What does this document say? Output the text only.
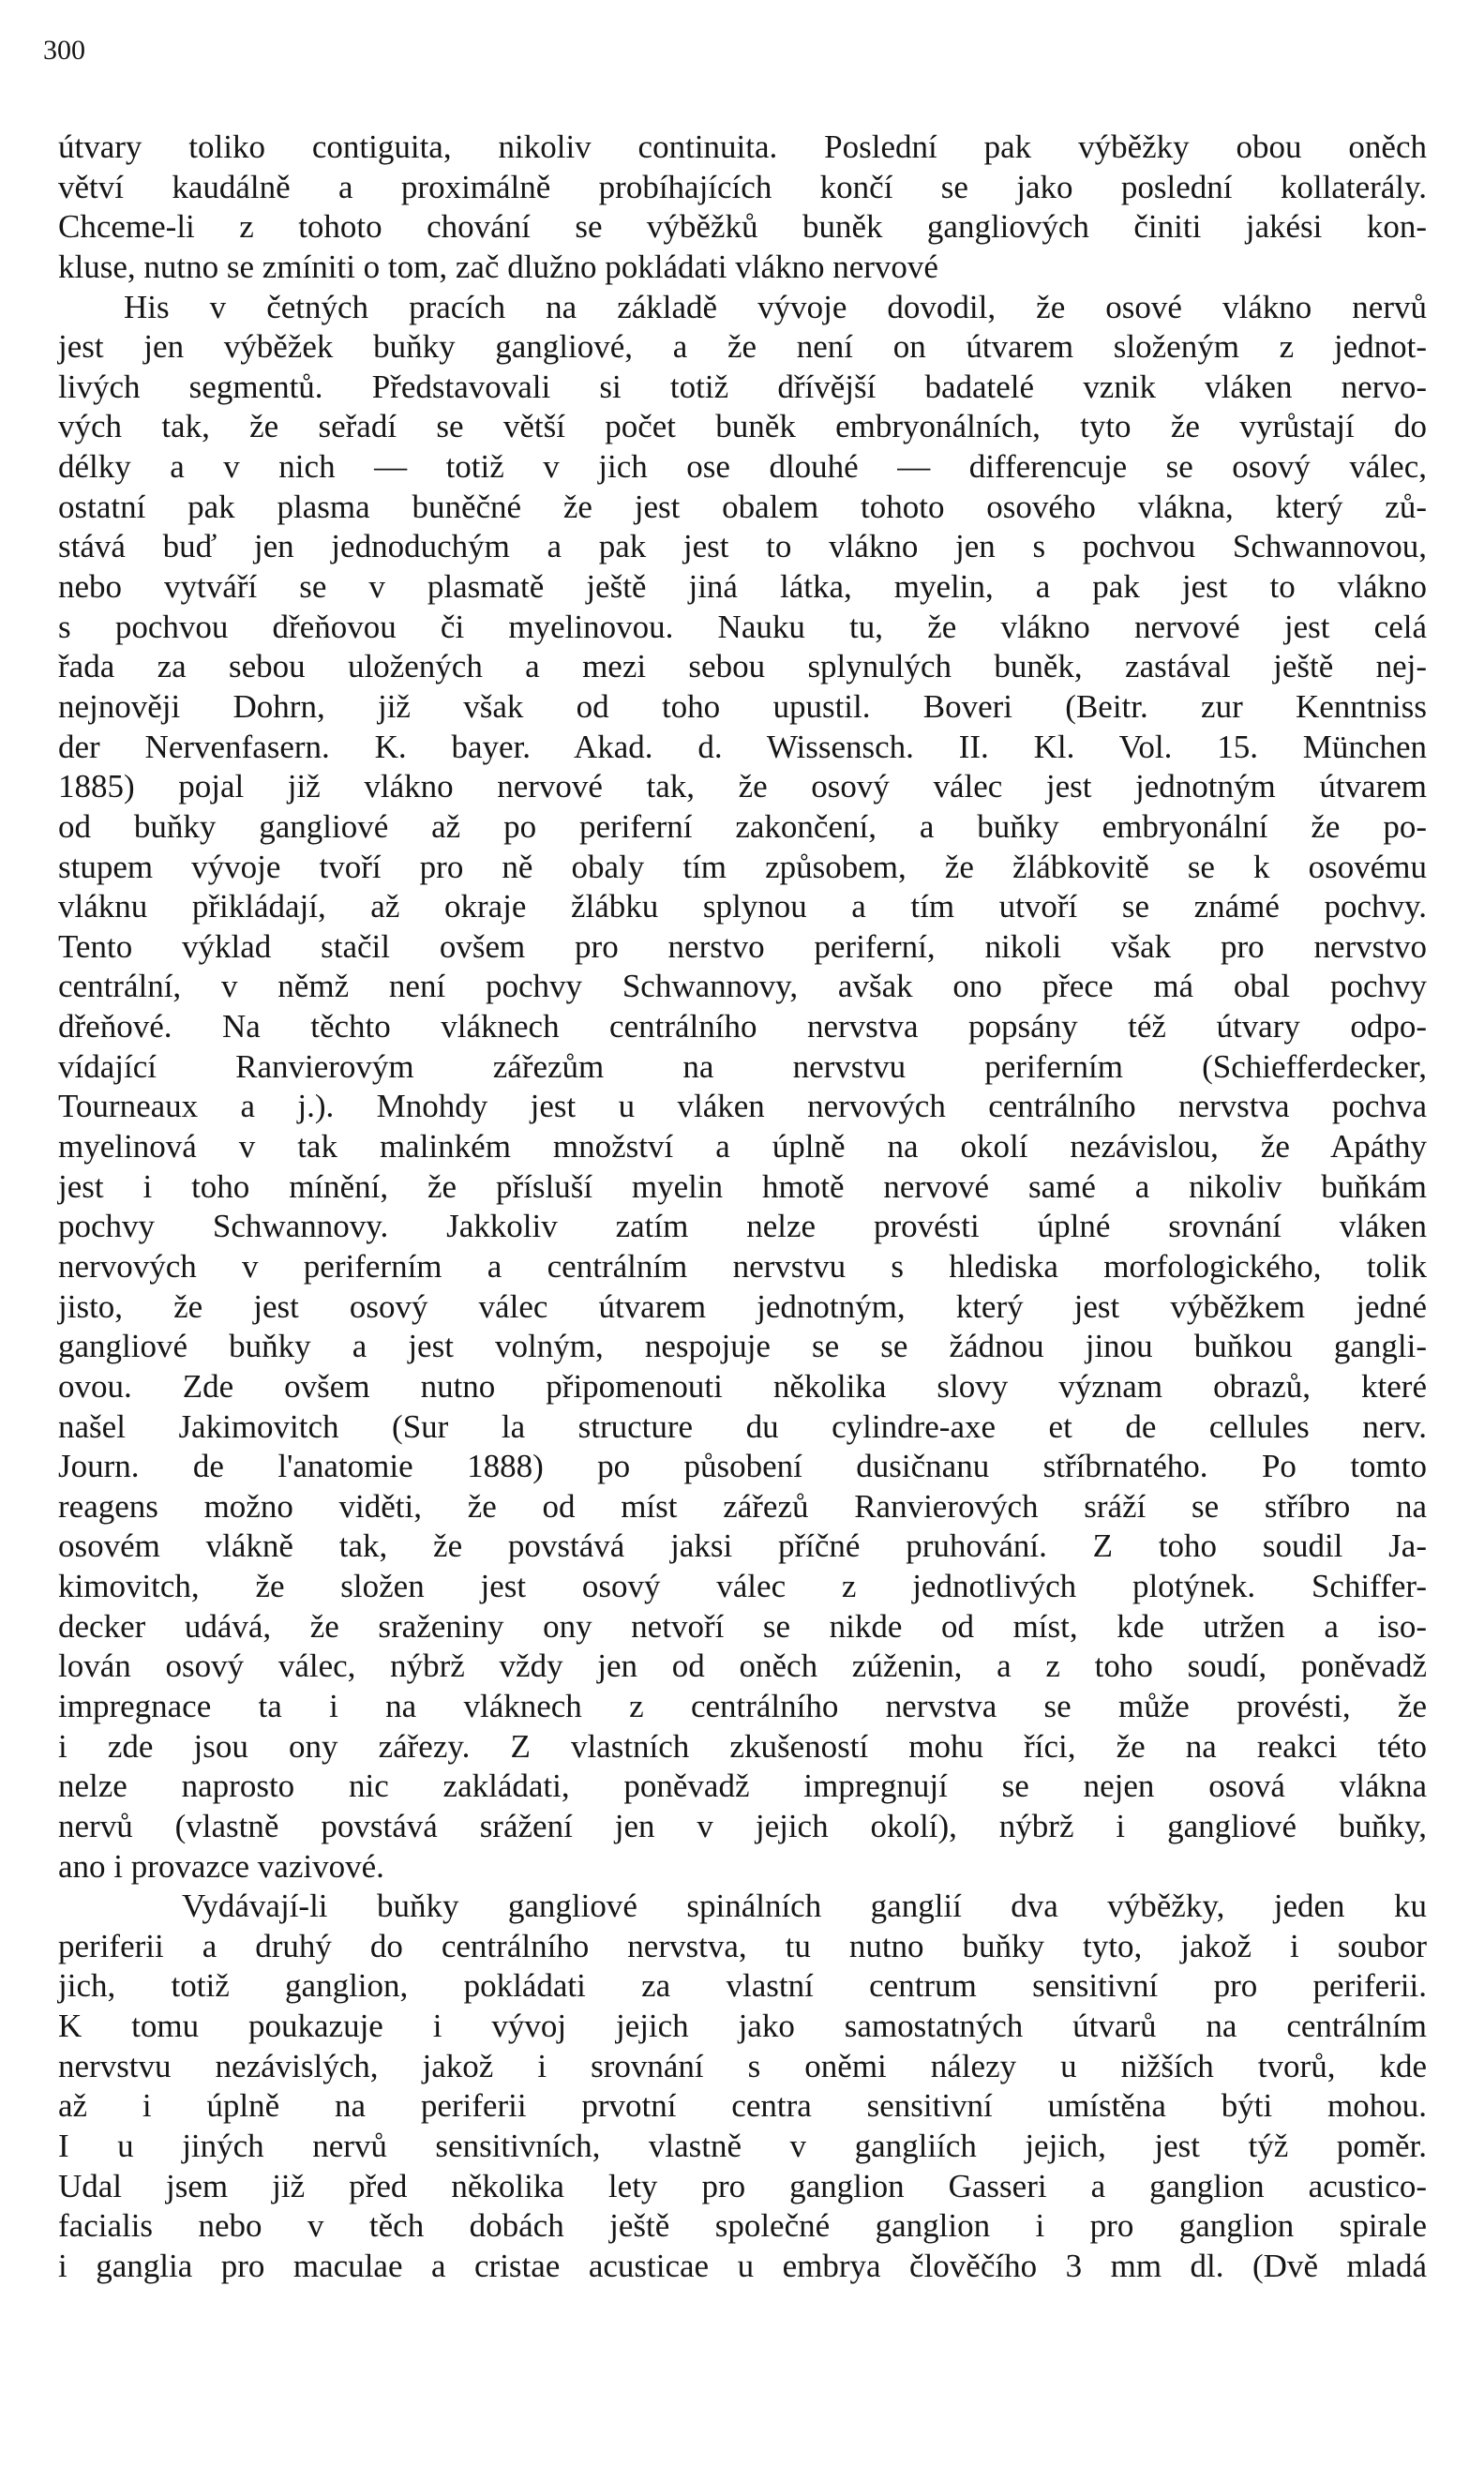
300
útvary toliko contiguita, nikoliv continuita. Poslední pak výběžky obou oněch
větví kaudálně a proximálně probíhajících končí se jako poslední kollaterály.
Chceme-li z tohoto chování se výběžků buněk gangliových činiti jakési kon-
kluse, nutno se zmíniti o tom, zač dlužno pokládati vlákno nervové
His v četných pracích na základě vývoje dovodil, že osové vlákno nervů
jest jen výběžek buňky gangliové, a že není on útvarem složeným z jednot-
livých segmentů. Představovali si totiž dřívější badatelé vznik vláken nervo-
vých tak, že seřadí se větší počet buněk embryonálních, tyto že vyrůstají do
délky a v nich — totiž v jich ose dlouhé — differencuje se osový válec,
ostatní pak plasma buněčné že jest obalem tohoto osového vlákna, který zů-
stává buď jen jednoduchým a pak jest to vlákno jen s pochvou Schwannovou,
nebo vytváří se v plasmatě ještě jiná látka, myelin, a pak jest to vlákno
s pochvou dřeňovou či myelinovou. Nauku tu, že vlákno nervové jest celá
řada za sebou uložených a mezi sebou splynulých buněk, zastával ještě nej-
nejnověji Dohrn, již však od toho upustil. Boveri (Beitr. zur Kenntniss
der Nervenfasern. K. bayer. Akad. d. Wissensch. II. Kl. Vol. 15. München
1885) pojal již vlákno nervové tak, že osový válec jest jednotným útvarem
od buňky gangliové až po periferní zakončení, a buňky embryonální že po-
stupem vývoje tvoří pro ně obaly tím způsobem, že žlábkovitě se k osovému
vláknu přikládají, až okraje žlábku splynou a tím utvoří se známé pochvy.
Tento výklad stačil ovšem pro nerstvo periferní, nikoli však pro nervstvo
centrální, v němž není pochvy Schwannovy, avšak ono přece má obal pochvy
dřeňové. Na těchto vláknech centrálního nervstva popsány též útvary odpo-
vídající Ranvierovým zářezům na nervstvu periferním (Schiefferdecker,
Tourneaux a j.). Mnohdy jest u vláken nervových centrálního nervstva pochva
myelinová v tak malinkém množství a úplně na okolí nezávislou, že Apáthy
jest i toho mínění, že přísluší myelin hmotě nervové samé a nikoliv buňkám
pochvy Schwannovy. Jakkoliv zatím nelze provésti úplné srovnání vláken
nervových v periferním a centrálním nervstvu s hlediska morfologického, tolik
jisto, že jest osový válec útvarem jednotným, který jest výběžkem jedné
gangliové buňky a jest volným, nespojuje se se žádnou jinou buňkou gangli-
ovou. Zde ovšem nutno připomenouti několika slovy význam obrazů, které
našel Jakimovitch (Sur la structure du cylindre-axe et de cellules nerv.
Journ. de l'anatomie 1888) po působení dusičnanu stříbrnatého. Po tomto
reagens možno viděti, že od míst zářezů Ranvierových sráží se stříbro na
osovém vlákně tak, že povstává jaksi příčné pruhování. Z toho soudil Ja-
kimovitch, že složen jest osový válec z jednotlivých plotýnek. Schiffer-
decker udává, že sraženiny ony netvoří se nikde od míst, kde utržen a iso-
lován osový válec, nýbrž vždy jen od oněch zúženin, a z toho soudí, poněvadž
impregnace ta i na vláknech z centrálního nervstva se může provésti, že
i zde jsou ony zářezy. Z vlastních zkušeností mohu říci, že na reakci této
nelze naprosto nic zakládati, poněvadž impregnují se nejen osová vlákna
nervů (vlastně povstává srážení jen v jejich okolí), nýbrž i gangliové buňky,
ano i provazce vazivové.
Vydávají-li buňky gangliové spinálních ganglií dva výběžky, jeden ku
periferii a druhý do centrálního nervstva, tu nutno buňky tyto, jakož i soubor
jich, totiž ganglion, pokládati za vlastní centrum sensitivní pro periferii.
K tomu poukazuje i vývoj jejich jako samostatných útvarů na centrálním
nervstvu nezávislých, jakož i srovnání s oněmi nálezy u nižších tvorů, kde
až i úplně na periferii prvotní centra sensitivní umístěna býti mohou.
I u jiných nervů sensitivních, vlastně v gangliích jejich, jest týž poměr.
Udal jsem již před několika lety pro ganglion Gasseri a ganglion acustico-
facialis nebo v těch dobách ještě společné ganglion i pro ganglion spirale
i ganglia pro maculae a cristae acusticae u embrya člověčího 3 mm dl. (Dvě mladá
